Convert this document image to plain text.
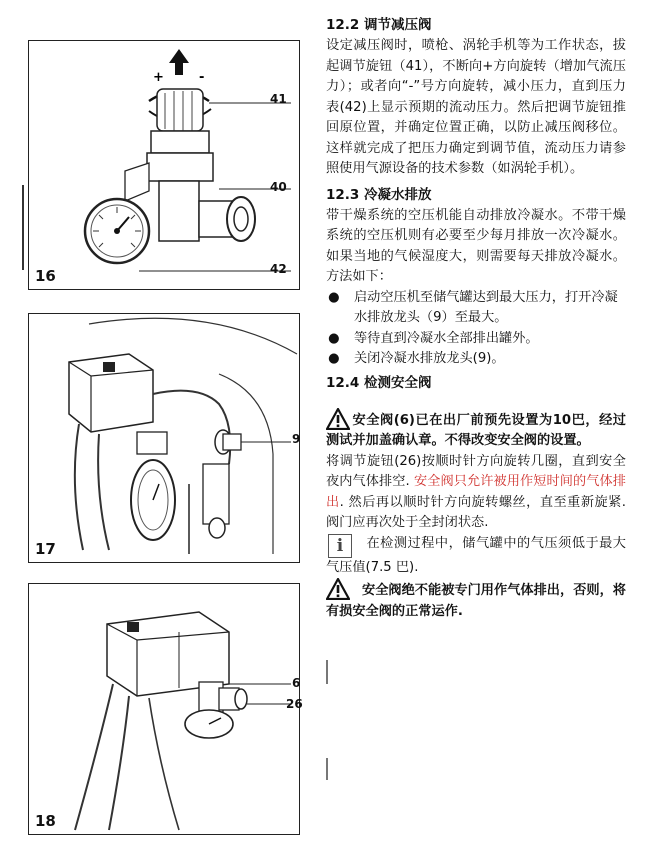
+	-
16
41
40
42
17
9
18
6
26
12.2 调节减压阀

设定减压阀时，喷枪、涡轮手机等为工作状态，拔起调节旋钮（41），不断向+方向旋转（增加气流压力）；或者向“-”号方向旋转，减小压力，直到压力表(42)上显示预期的流动压力。然后把调节旋钮推回原位置，并确定位置正确，以防止减压阀移位。这样就完成了把压力确定到调节值，流动压力请参照使用气源设备的技术参数（如涡轮手机）。

12.3 冷凝水排放

带干燥系统的空压机能自动排放冷凝水。不带干燥系统的空压机则有必要至少每月排放一次冷凝水。如果当地的气候湿度大，则需要每天排放冷凝水。方法如下：

● 启动空压机至储气罐达到最大压力，打开冷凝水排放龙头（9）至最大。
● 等待直到冷凝水全部排出罐外。
● 关闭冷凝水排放龙头(9)。
12.4 检测安全阀

安全阀(6)已在出厂前预先设置为10巴，经过测试并加盖确认章。不得改变安全阀的设置。

将调节旋钮(26)按顺时针方向旋转几圈，直到安全夜内气体排空. 安全阀只允许被用作短时间的气体排出. 然后再以顺时针方向旋转螺丝，直至重新旋紧. 阀门应再次处于全封闭状态.

i 在检测过程中，储气罐中的气压须低于最大气压值(7.5 巴).

安全阀绝不能被专门用作气体排出，否则，将有损安全阀的正常运作.
